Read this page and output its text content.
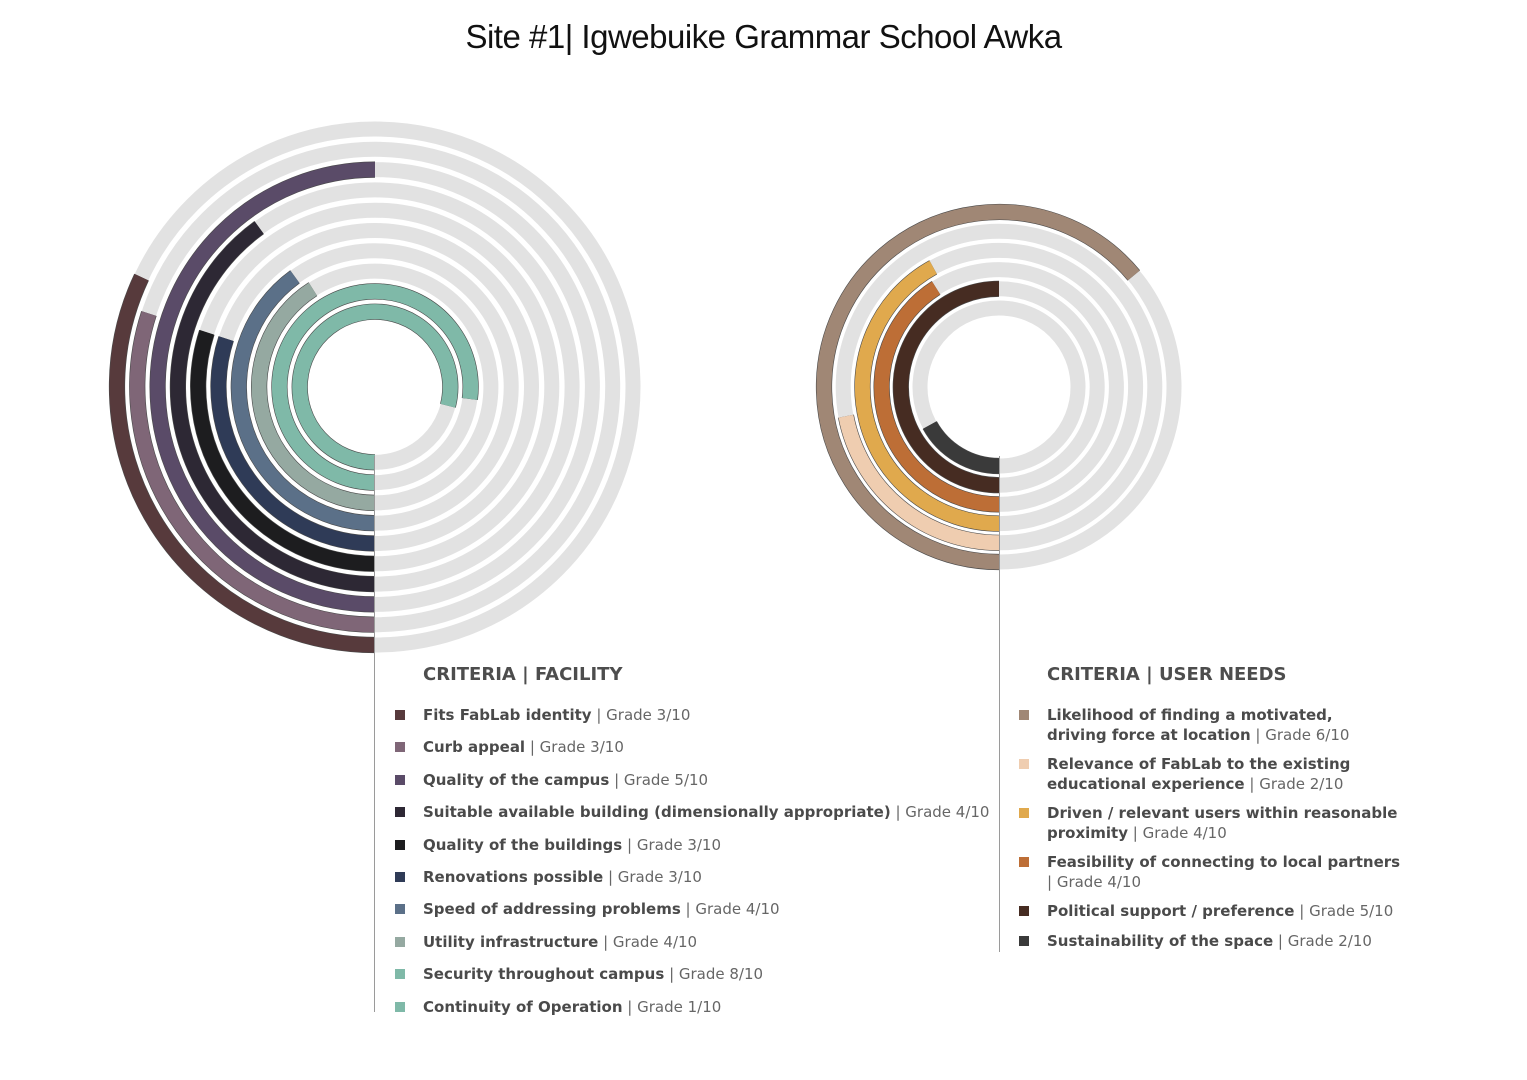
Site #1| Igwebuike Grammar School Awka
CRITERIA | FACILITY
Fits FabLab identity | Grade 3/10
Curb appeal | Grade 3/10
Quality of the campus | Grade 5/10
Suitable available building (dimensionally appropriate) | Grade 4/10
Quality of the buildings | Grade 3/10
Renovations possible | Grade 3/10
Speed of addressing problems | Grade 4/10
Utility infrastructure | Grade 4/10
Security throughout campus | Grade 8/10
Continuity of Operation | Grade 1/10
CRITERIA | USER NEEDS
Likelihood of finding a motivated,
driving force at location | Grade 6/10
Relevance of FabLab to the existing
educational experience | Grade 2/10
Driven / relevant users within reasonable
proximity | Grade 4/10
Feasibility of connecting to local partners
| Grade 4/10
Political support / preference | Grade 5/10
Sustainability of the space | Grade 2/10
